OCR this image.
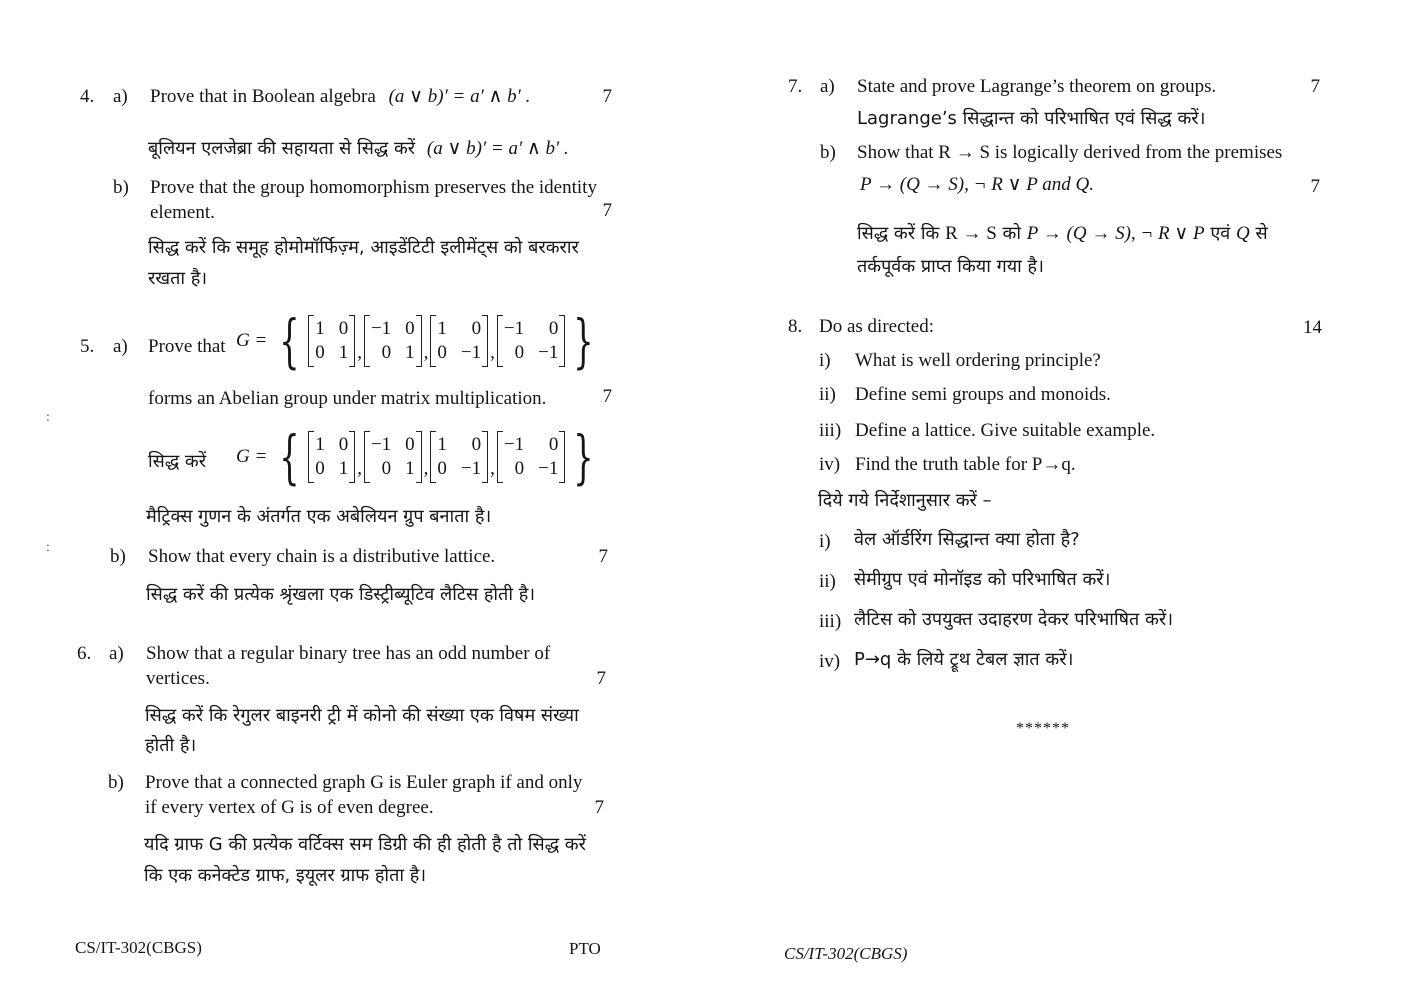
4. a) Prove that in Boolean algebra (a ∨ b)′ = a′ ∧ b′ .	7
बूलियन एलजेब्रा की सहायता से सिद्ध करें (a ∨ b)′ = a′ ∧ b′ .
b) Prove that the group homomorphism preserves the identity
element.	7
सिद्ध करें कि समूह होमोमॉर्फिज़्म, आइडेंटिटी इलीमेंट्स को बरकरार
रखता है।
5. a) Prove that G = { 1 0
0 1 ,
−1 0
0 1 ,
1	0
0 −1 ,
−1	0
0 −1 }
forms an Abelian group under matrix multiplication.	7
सिद्ध करें G = { 1 0
0 1 ,
−1 0
0 1 ,
1	0
0 −1 ,
−1	0
0 −1 }
मैट्रिक्स गुणन के अंतर्गत एक अबेलियन ग्रुप बनाता है।
b) Show that every chain is a distributive lattice.	7
सिद्ध करें की प्रत्येक श्रृंखला एक डिस्ट्रीब्यूटिव लैटिस होती है।
6. a) Show that a regular binary tree has an odd number of
vertices.	7
सिद्ध करें कि रेगुलर बाइनरी ट्री में कोनो की संख्या एक विषम संख्या
होती है।
b) Prove that a connected graph G is Euler graph if and only
if every vertex of G is of even degree.	7
यदि ग्राफ G की प्रत्येक वर्टिक्स सम डिग्री की ही होती है तो सिद्ध करें
कि एक कनेक्टेड ग्राफ, इयूलर ग्राफ होता है।
CS/IT-302(CBGS)	PTO
:
:
7. a) State and prove Lagrange’s theorem on groups.	7
Lagrange’s सिद्धान्त को परिभाषित एवं सिद्ध करें।
b) Show that R → S is logically derived from the premises
P → (Q → S), ¬ R ∨ P and Q.	7
सिद्ध करें कि R → S को P → (Q → S), ¬ R ∨ P एवं Q से
तर्कपूर्वक प्राप्त किया गया है।
8. Do as directed:	14
i) What is well ordering principle?
ii) Define semi groups and monoids.
iii) Define a lattice. Give suitable example.
iv) Find the truth table for P→q.
दिये गये निर्देशानुसार करें –
i) वेल ऑर्डरिंग सिद्धान्त क्या होता है?
ii) सेमीग्रुप एवं मोनॉइड को परिभाषित करें।
iii) लैटिस को उपयुक्त उदाहरण देकर परिभाषित करें।
iv) P→q के लिये ट्रूथ टेबल ज्ञात करें।
******
CS/IT-302(CBGS)
